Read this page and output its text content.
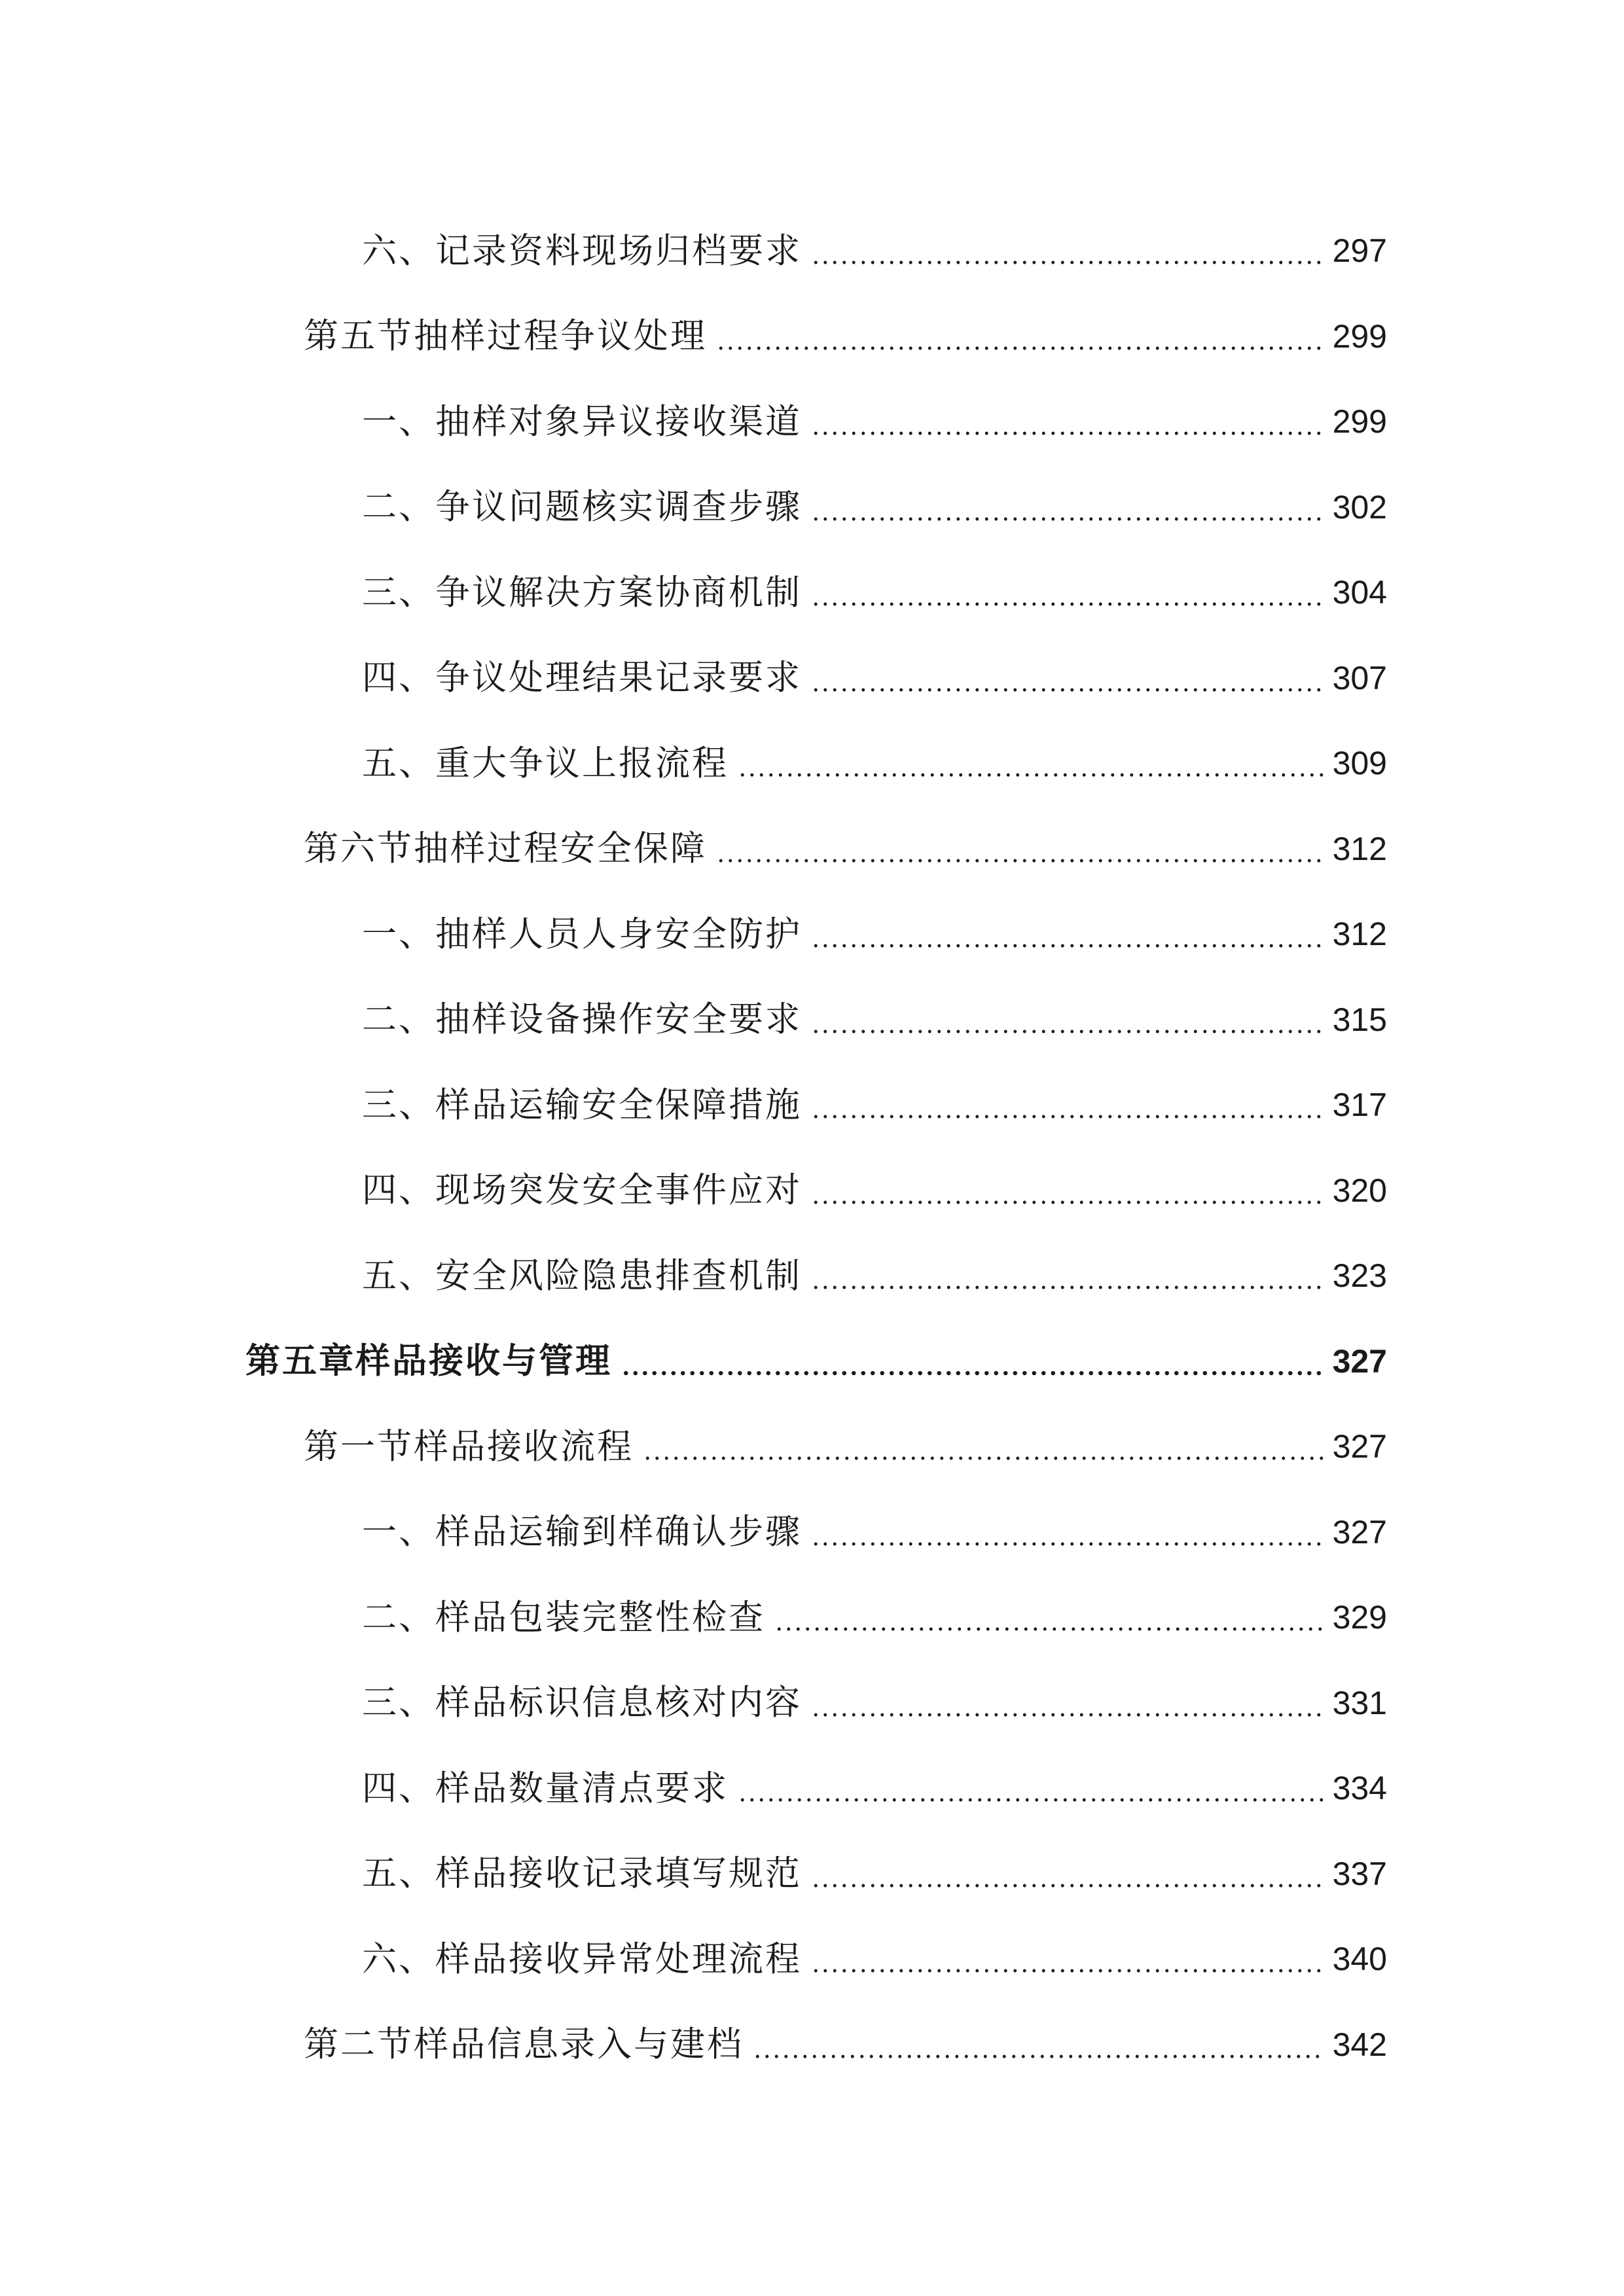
六、记录资料现场归档要求	297
第五节抽样过程争议处理	299
一、抽样对象异议接收渠道	299
二、争议问题核实调查步骤	302
三、争议解决方案协商机制	304
四、争议处理结果记录要求	307
五、重大争议上报流程	309
第六节抽样过程安全保障	312
一、抽样人员人身安全防护	312
二、抽样设备操作安全要求	315
三、样品运输安全保障措施	317
四、现场突发安全事件应对	320
五、安全风险隐患排查机制	323
第五章样品接收与管理	327
第一节样品接收流程	327
一、样品运输到样确认步骤	327
二、样品包装完整性检查	329
三、样品标识信息核对内容	331
四、样品数量清点要求	334
五、样品接收记录填写规范	337
六、样品接收异常处理流程	340
第二节样品信息录入与建档	342
